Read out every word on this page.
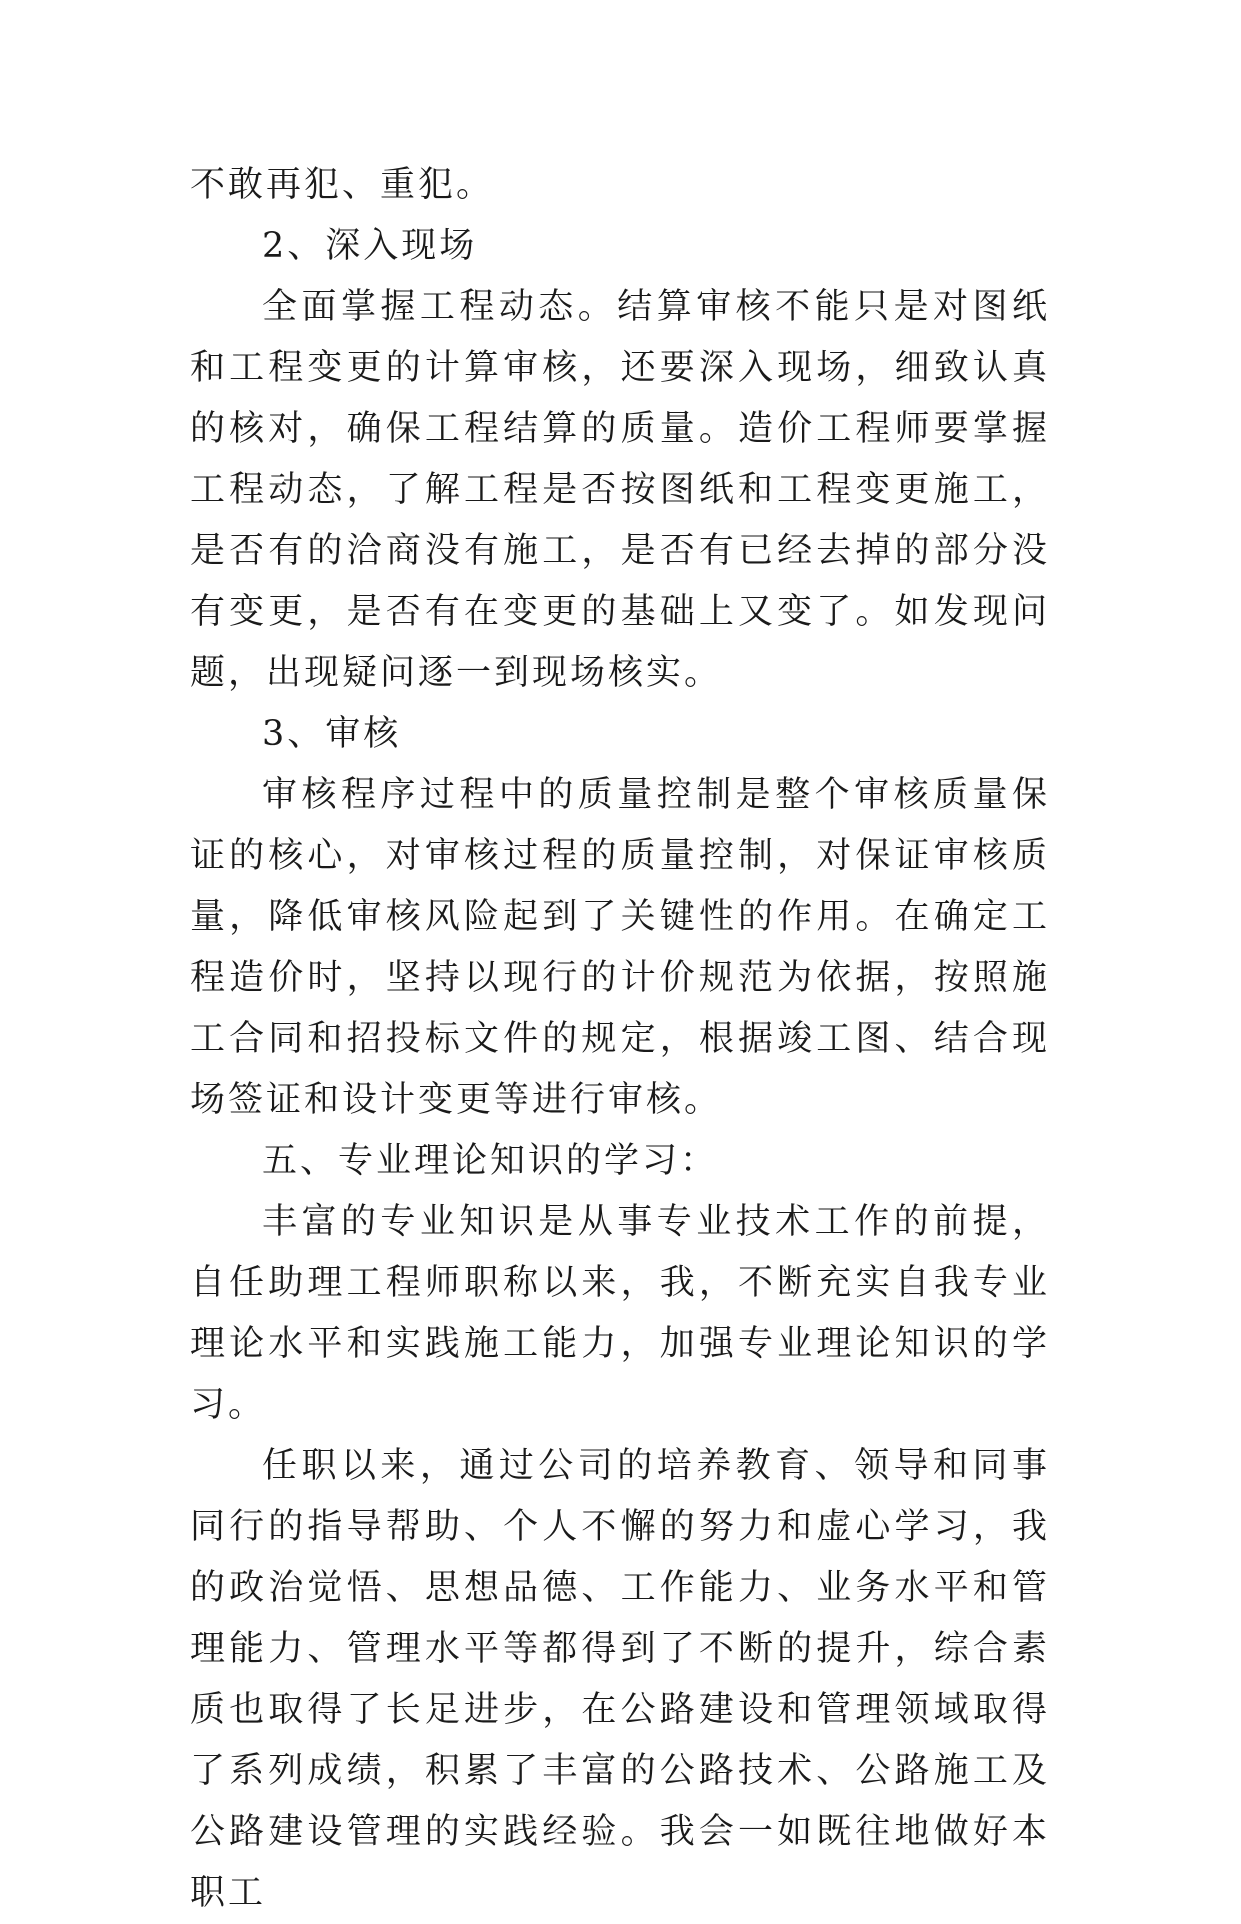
不敢再犯、重犯。

2、深入现场

全面掌握工程动态。结算审核不能只是对图纸和工程变更的计算审核，还要深入现场，细致认真的核对，确保工程结算的质量。造价工程师要掌握工程动态，了解工程是否按图纸和工程变更施工，是否有的洽商没有施工，是否有已经去掉的部分没有变更，是否有在变更的基础上又变了。如发现问题，出现疑问逐一到现场核实。

3、审核

审核程序过程中的质量控制是整个审核质量保证的核心，对审核过程的质量控制，对保证审核质量，降低审核风险起到了关键性的作用。在确定工程造价时，坚持以现行的计价规范为依据，按照施工合同和招投标文件的规定，根据竣工图、结合现场签证和设计变更等进行审核。

五、专业理论知识的学习：

丰富的专业知识是从事专业技术工作的前提，自任助理工程师职称以来，我，不断充实自我专业理论水平和实践施工能力，加强专业理论知识的学习。

任职以来，通过公司的培养教育、领导和同事同行的指导帮助、个人不懈的努力和虚心学习，我的政治觉悟、思想品德、工作能力、业务水平和管理能力、管理水平等都得到了不断的提升，综合素质也取得了长足进步，在公路建设和管理领域取得了系列成绩，积累了丰富的公路技术、公路施工及公路建设管理的实践经验。我会一如既往地做好本职工
